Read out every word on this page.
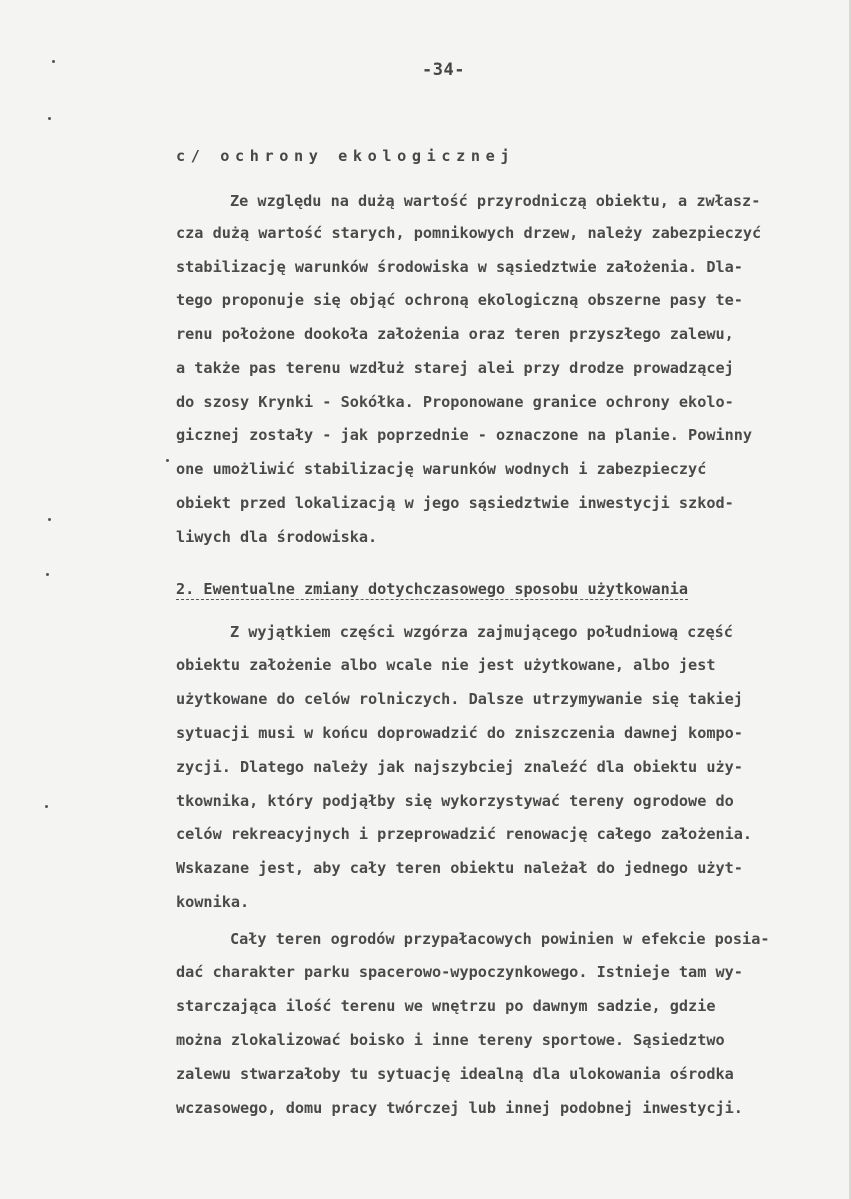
-34-
c/ ochrony ekologicznej
Ze względu na dużą wartość przyrodniczą obiektu, a zwłasz-
cza dużą wartość starych, pomnikowych drzew, należy zabezpieczyć
stabilizację warunków środowiska w sąsiedztwie założenia. Dla-
tego proponuje się objąć ochroną ekologiczną obszerne pasy te-
renu położone dookoła założenia oraz teren przyszłego zalewu,
a także pas terenu wzdłuż starej alei przy drodze prowadzącej
do szosy Krynki - Sokółka. Proponowane granice ochrony ekolo-
gicznej zostały - jak poprzednie - oznaczone na planie. Powinny
one umożliwić stabilizację warunków wodnych i zabezpieczyć
obiekt przed lokalizacją w jego sąsiedztwie inwestycji szkod-
liwych dla środowiska.
2. Ewentualne zmiany dotychczasowego sposobu użytkowania
Z wyjątkiem części wzgórza zajmującego południową część
obiektu założenie albo wcale nie jest użytkowane, albo jest
użytkowane do celów rolniczych. Dalsze utrzymywanie się takiej
sytuacji musi w końcu doprowadzić do zniszczenia dawnej kompo-
zycji. Dlatego należy jak najszybciej znaleźć dla obiektu uży-
tkownika, który podjąłby się wykorzystywać tereny ogrodowe do
celów rekreacyjnych i przeprowadzić renowację całego założenia.
Wskazane jest, aby cały teren obiektu należał do jednego użyt-
kownika.
Cały teren ogrodów przypałacowych powinien w efekcie posia-
dać charakter parku spacerowo-wypoczynkowego. Istnieje tam wy-
starczająca ilość terenu we wnętrzu po dawnym sadzie, gdzie
można zlokalizować boisko i inne tereny sportowe. Sąsiedztwo
zalewu stwarzałoby tu sytuację idealną dla ulokowania ośrodka
wczasowego, domu pracy twórczej lub innej podobnej inwestycji.
